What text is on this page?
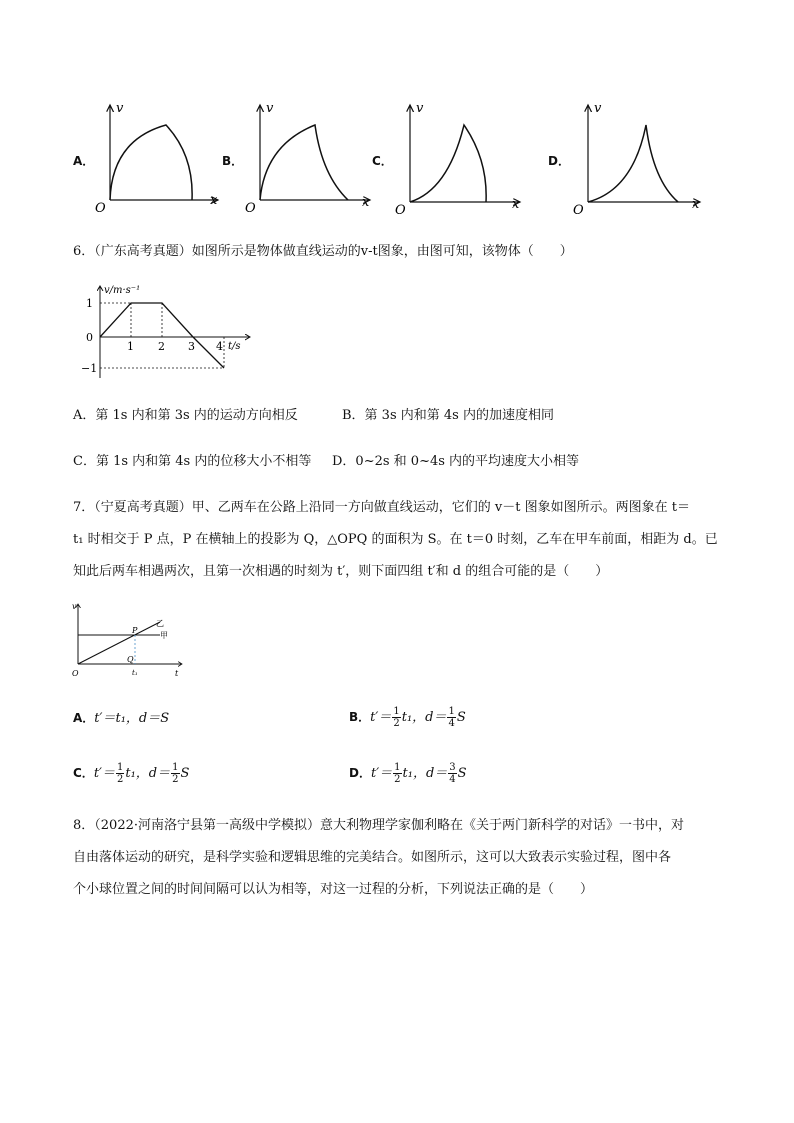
A．
v
x
O
B．
v
x
O
C．
v
x
O
D．
v
x
O
6．（广东高考真题）如图所示是物体做直线运动的v-t图象，由图可知，该物体（　　）
v/m·s⁻¹
t/s
1
0
−1
1 2 3 4
A．第 1s 内和第 3s 内的运动方向相反	B．第 3s 内和第 4s 内的加速度相同
C．第 1s 内和第 4s 内的位移大小不相等 D．0~2s 和 0~4s 内的平均速度大小相等
7．（宁夏高考真题）甲、乙两车在公路上沿同一方向做直线运动，它们的 v－t 图象如图所示。两图象在 t＝
t₁ 时相交于 P 点，P 在横轴上的投影为 Q，△OPQ 的面积为 S。在 t＝0 时刻，乙车在甲车前面，相距为 d。已
知此后两车相遇两次，且第一次相遇的时刻为 t′，则下面四组 t′和 d 的组合可能的是（　　）
v
t
O
P
Q
t₁
乙
甲
A．t′＝t₁，d＝S	B．$t'= \frac{1}{2} t_1$，$d= \frac{1}{4}$ S
C．$t'= \frac{1}{2} t_1$，$d= \frac{1}{2}$ S	D．$t'= \frac{1}{2} t_1$，$d= \frac{3}{4}$ S
8．（2022·河南洛宁县第一高级中学模拟）意大利物理学家伽利略在《关于两门新科学的对话》一书中，对
自由落体运动的研究，是科学实验和逻辑思维的完美结合。如图所示，这可以大致表示实验过程，图中各
个小球位置之间的时间间隔可以认为相等，对这一过程的分析，下列说法正确的是（　　）
